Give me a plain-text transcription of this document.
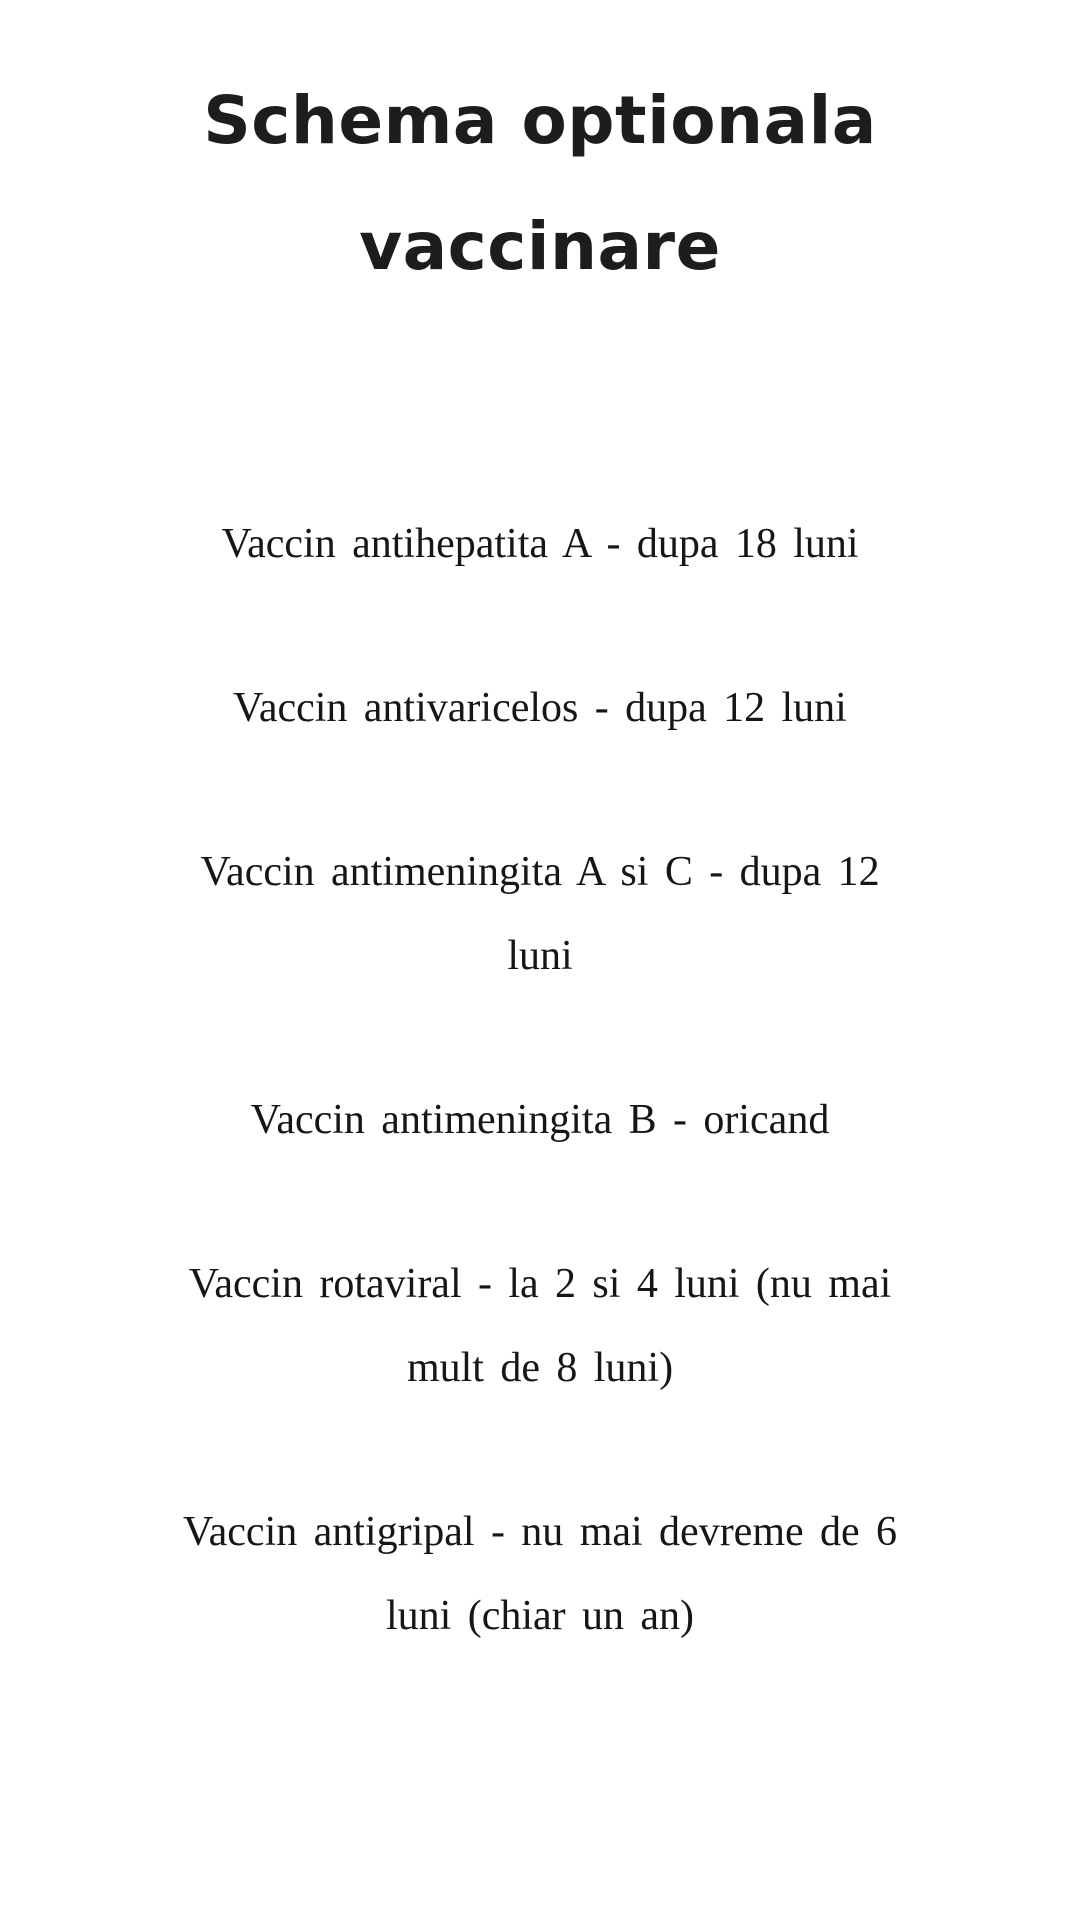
Schema optionala
vaccinare

Vaccin antihepatita A - dupa 18 luni

Vaccin antivaricelos - dupa 12 luni

Vaccin antimeningita A si C - dupa 12
luni

Vaccin antimeningita B - oricand

Vaccin rotaviral - la 2 si 4 luni (nu mai
mult de 8 luni)

Vaccin antigripal - nu mai devreme de 6
luni (chiar un an)
